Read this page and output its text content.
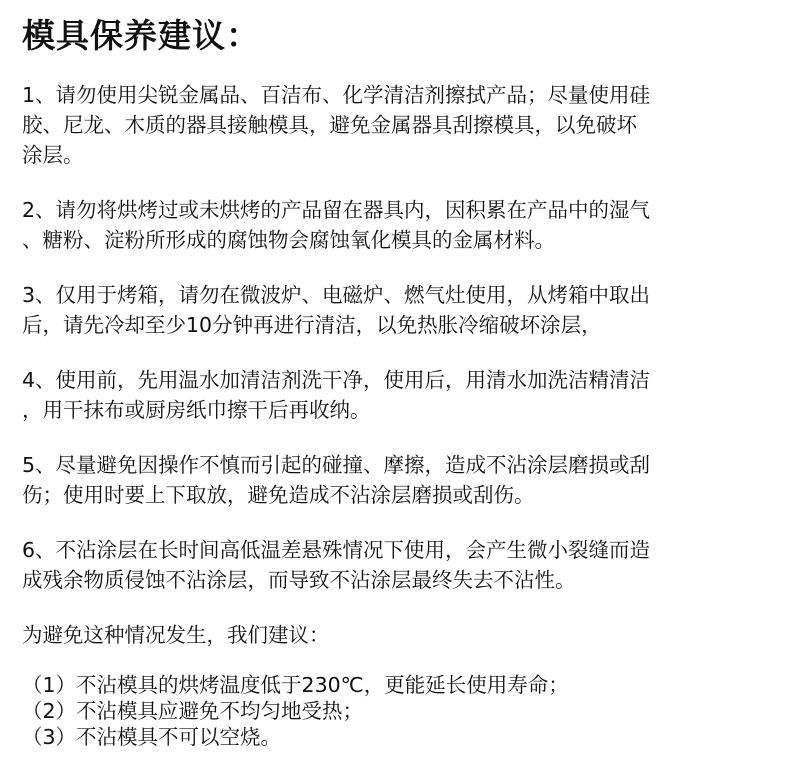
模具保养建议：
1、请勿使用尖锐金属品、百洁布、化学清洁剂擦拭产品；尽量使用硅
胶、尼龙、木质的器具接触模具，避免金属器具刮擦模具，以免破坏
涂层。
2、请勿将烘烤过或未烘烤的产品留在器具内，因积累在产品中的湿气
、糖粉、淀粉所形成的腐蚀物会腐蚀氧化模具的金属材料。
3、仅用于烤箱，请勿在微波炉、电磁炉、燃气灶使用，从烤箱中取出
后，请先冷却至少10分钟再进行清洁，以免热胀冷缩破坏涂层，
4、使用前，先用温水加清洁剂洗干净，使用后，用清水加洗洁精清洁
，用干抹布或厨房纸巾擦干后再收纳。
5、尽量避免因操作不慎而引起的碰撞、摩擦，造成不沾涂层磨损或刮
伤；使用时要上下取放，避免造成不沾涂层磨损或刮伤。
6、不沾涂层在长时间高低温差悬殊情况下使用，会产生微小裂缝而造
成残余物质侵蚀不沾涂层，而导致不沾涂层最终失去不沾性。
为避免这种情况发生，我们建议：
（1）不沾模具的烘烤温度低于230℃，更能延长使用寿命；
（2）不沾模具应避免不均匀地受热；
（3）不沾模具不可以空烧。
